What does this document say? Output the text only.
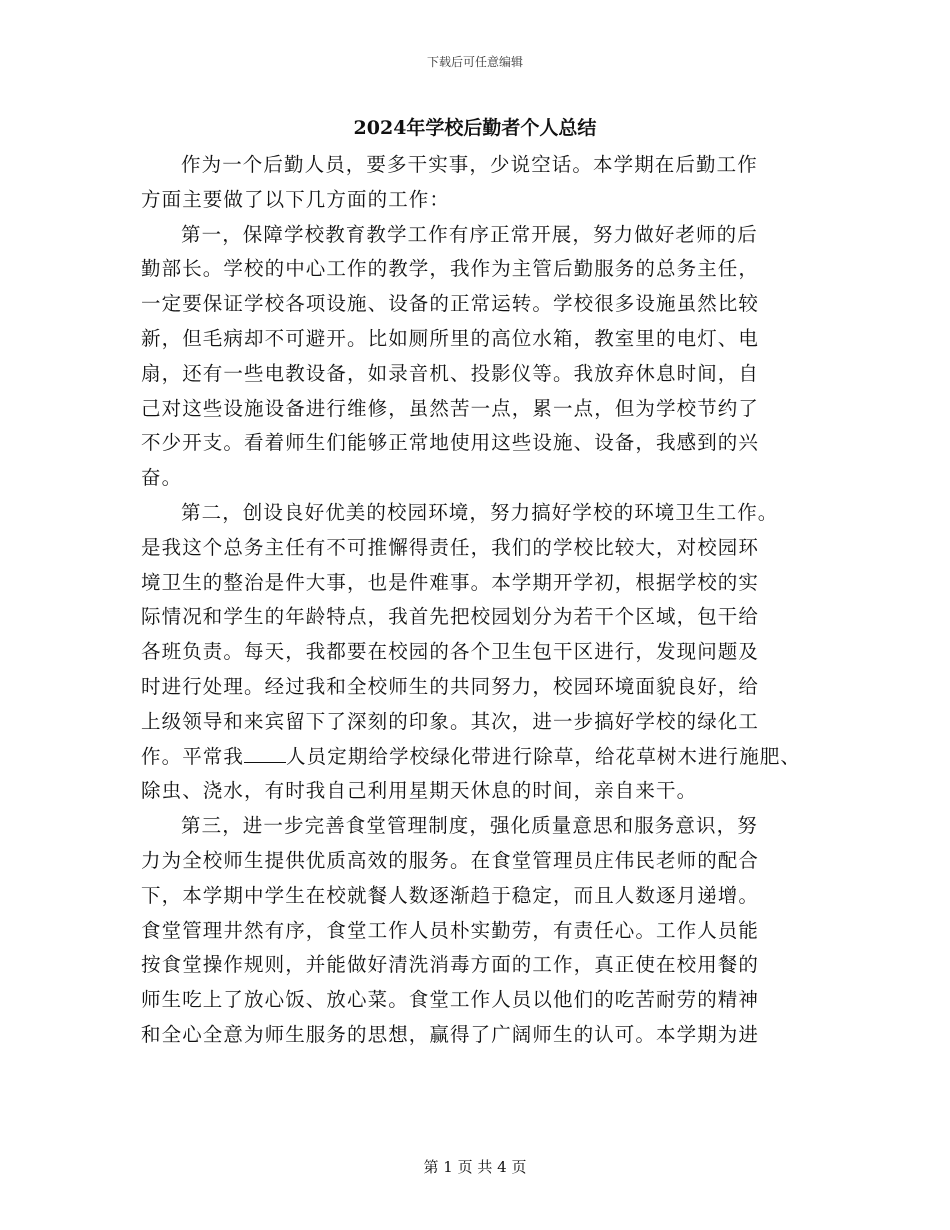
下载后可任意编辑
2024年学校后勤者个人总结
作为一个后勤人员，要多干实事，少说空话。本学期在后勤工作
方面主要做了以下几方面的工作：
第一，保障学校教育教学工作有序正常开展，努力做好老师的后
勤部长。学校的中心工作的教学，我作为主管后勤服务的总务主任，
一定要保证学校各项设施、设备的正常运转。学校很多设施虽然比较
新，但毛病却不可避开。比如厕所里的高位水箱，教室里的电灯、电
扇，还有一些电教设备，如录音机、投影仪等。我放弃休息时间，自
己对这些设施设备进行维修，虽然苦一点，累一点，但为学校节约了
不少开支。看着师生们能够正常地使用这些设施、设备，我感到的兴
奋。
第二，创设良好优美的校园环境，努力搞好学校的环境卫生工作。
是我这个总务主任有不可推懈得责任，我们的学校比较大，对校园环
境卫生的整治是件大事，也是件难事。本学期开学初，根据学校的实
际情况和学生的年龄特点，我首先把校园划分为若干个区域，包干给
各班负责。每天，我都要在校园的各个卫生包干区进行，发现问题及
时进行处理。经过我和全校师生的共同努力，校园环境面貌良好，给
上级领导和来宾留下了深刻的印象。其次，进一步搞好学校的绿化工
作。平常我 人员定期给学校绿化带进行除草，给花草树木进行施肥、
除虫、浇水，有时我自己利用星期天休息的时间，亲自来干。
第三，进一步完善食堂管理制度，强化质量意思和服务意识，努
力为全校师生提供优质高效的服务。在食堂管理员庄伟民老师的配合
下，本学期中学生在校就餐人数逐渐趋于稳定，而且人数逐月递增。
食堂管理井然有序，食堂工作人员朴实勤劳，有责任心。工作人员能
按食堂操作规则，并能做好清洗消毒方面的工作，真正使在校用餐的
师生吃上了放心饭、放心菜。食堂工作人员以他们的吃苦耐劳的精神
和全心全意为师生服务的思想，赢得了广阔师生的认可。本学期为进
第 1 页 共 4 页
